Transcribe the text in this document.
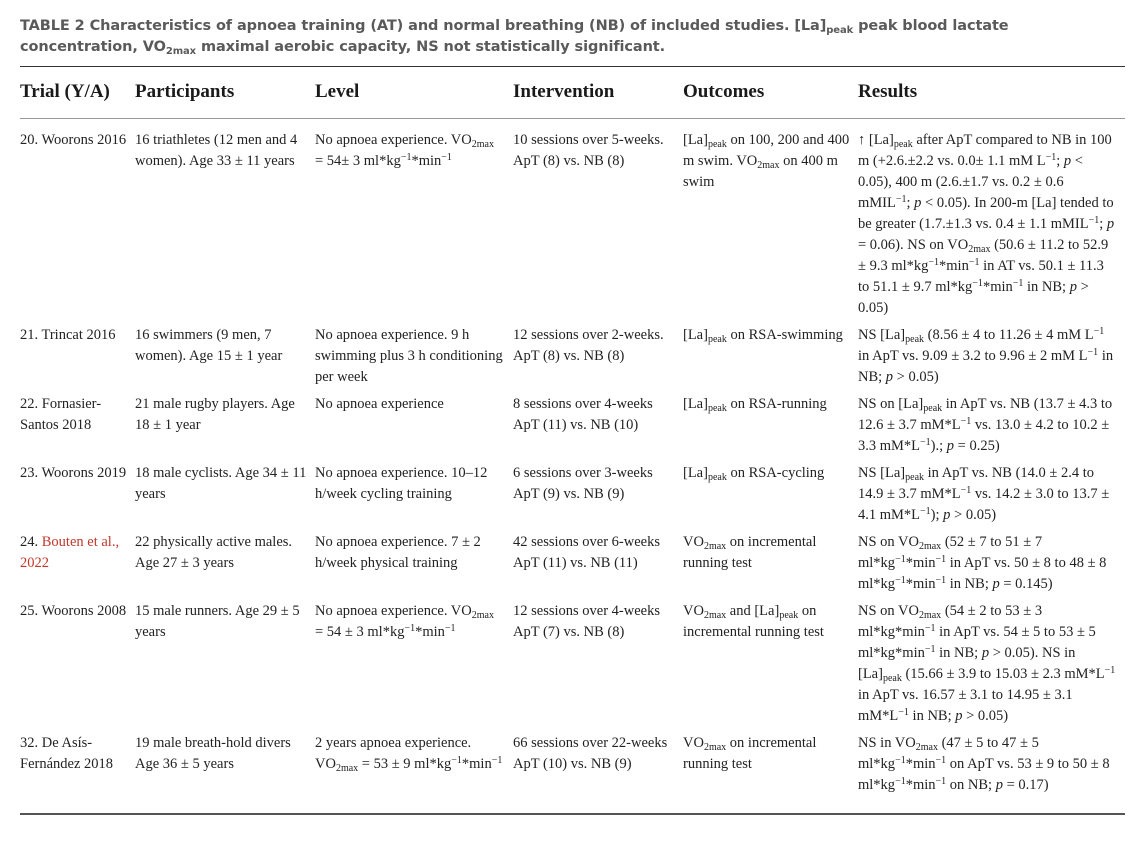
TABLE 2 Characteristics of apnoea training (AT) and normal breathing (NB) of included studies. $[La]_{peak}$ peak blood lactate concentration, $VO_{2max}$ maximal aerobic capacity, NS not statistically significant.
Trial (Y/A)	Participants	Level	Intervention	Outcomes	Results

20. Woorons 2016	16 triathletes (12 men and 4 women). Age 33 ± 11 years	No apnoea experience. $VO_{2max} = 54\pm 3$ $ml*kg^{-1}*\min^{-1}$	10 sessions over 5-weeks. ApT (8) vs. NB (8)	$[La]_{peak}$ on 100, 200 and 400 m swim. $VO_{2max}$ on 400 m swim	↑ $[La]_{peak}$ after ApT compared to NB in 100 m (+2.6.±2.2 vs. 0.0± 1.1 mM $L^{-1}$; p < 0.05), 400 m (2.6.±1.7 vs. 0.2 ± 0.6 mMIL$^{-1}$; p < 0.05). In 200-m [La] tended to be greater (1.7.±1.3 vs. 0.4 ± 1.1 mMIL$^{-1}$; p = 0.06). NS on $VO_{2max}$ (50.6 ± 11.2 to 52.9 ± 9.3 $ml*kg^{-1}*\min^{-1}$ in AT vs. 50.1 ± 11.3 to 51.1 ± 9.7 $ml*kg^{-1}*\min^{-1}$ in NB; p > 0.05)
21. Trincat 2016	16 swimmers (9 men, 7 women). Age 15 ± 1 year	No apnoea experience. 9 h swimming plus 3 h conditioning per week	12 sessions over 2-weeks. ApT (8) vs. NB (8)	$[La]_{peak}$ on RSA-swimming	NS $[La]_{peak}$ (8.56 ± 4 to 11.26 ± 4 mM $L^{-1}$ in ApT vs. 9.09 ± 3.2 to 9.96 ± 2 mM $L^{-1}$ in NB; p > 0.05)
22. Fornasier-Santos 2018	21 male rugby players. Age 18 ± 1 year	No apnoea experience	8 sessions over 4-weeks ApT (11) vs. NB (10)	$[La]_{peak}$ on RSA-running	NS on $[La]_{peak}$ in ApT vs. NB (13.7 ± 4.3 to 12.6 ± 3.7 $mM*L^{-1}$ vs. 13.0 ± 4.2 to 10.2 ± 3.3 $mM*L^{-1}$).; p = 0.25)
23. Woorons 2019	18 male cyclists. Age 34 ± 11 years	No apnoea experience. 10–12 h/week cycling training	6 sessions over 3-weeks ApT (9) vs. NB (9)	$[La]_{peak}$ on RSA-cycling	NS $[La]_{peak}$ in ApT vs. NB (14.0 ± 2.4 to 14.9 ± 3.7 $mM*L^{-1}$ vs. 14.2 ± 3.0 to 13.7 ± 4.1 $mM*L^{-1}$); p > 0.05)
24. Bouten et al., 2022	22 physically active males. Age 27 ± 3 years	No apnoea experience. 7 ± 2 h/week physical training	42 sessions over 6-weeks ApT (11) vs. NB (11)	$VO_{2max}$ on incremental running test	NS on $VO_{2max}$ (52 ± 7 to 51 ± 7 $ml*kg^{-1}*\min^{-1}$ in ApT vs. 50 ± 8 to 48 ± 8 $ml*kg^{-1}*\min^{-1}$ in NB; p = 0.145)
25. Woorons 2008	15 male runners. Age 29 ± 5 years	No apnoea experience. $VO_{2max} = 54 \pm 3$ $ml*kg^{-1}*\min^{-1}$	12 sessions over 4-weeks ApT (7) vs. NB (8)	$VO_{2max}$ and $[La]_{peak}$ on incremental running test	NS on $VO_{2max}$ (54 ± 2 to 53 ± 3 $ml*kg*\min^{-1}$ in ApT vs. 54 ± 5 to 53 ± 5 $ml*kg*\min^{-1}$ in NB; p > 0.05). NS in $[La]_{peak}$ (15.66 ± 3.9 to 15.03 ± 2.3 $mM*L^{-1}$ in ApT vs. 16.57 ± 3.1 to 14.95 ± 3.1 $mM*L^{-1}$ in NB; p > 0.05)
32. De Asís-Fernández 2018	19 male breath-hold divers Age 36 ± 5 years	2 years apnoea experience. $VO_{2max} = 53 \pm 9$ $ml*kg^{-1}*\min^{-1}$	66 sessions over 22-weeks ApT (10) vs. NB (9)	$VO_{2max}$ on incremental running test	NS in $VO_{2max}$ (47 ± 5 to 47 ± 5 $ml*kg^{-1}*\min^{-1}$ on ApT vs. 53 ± 9 to 50 ± 8 $ml*kg^{-1}*\min^{-1}$ on NB; p = 0.17)
